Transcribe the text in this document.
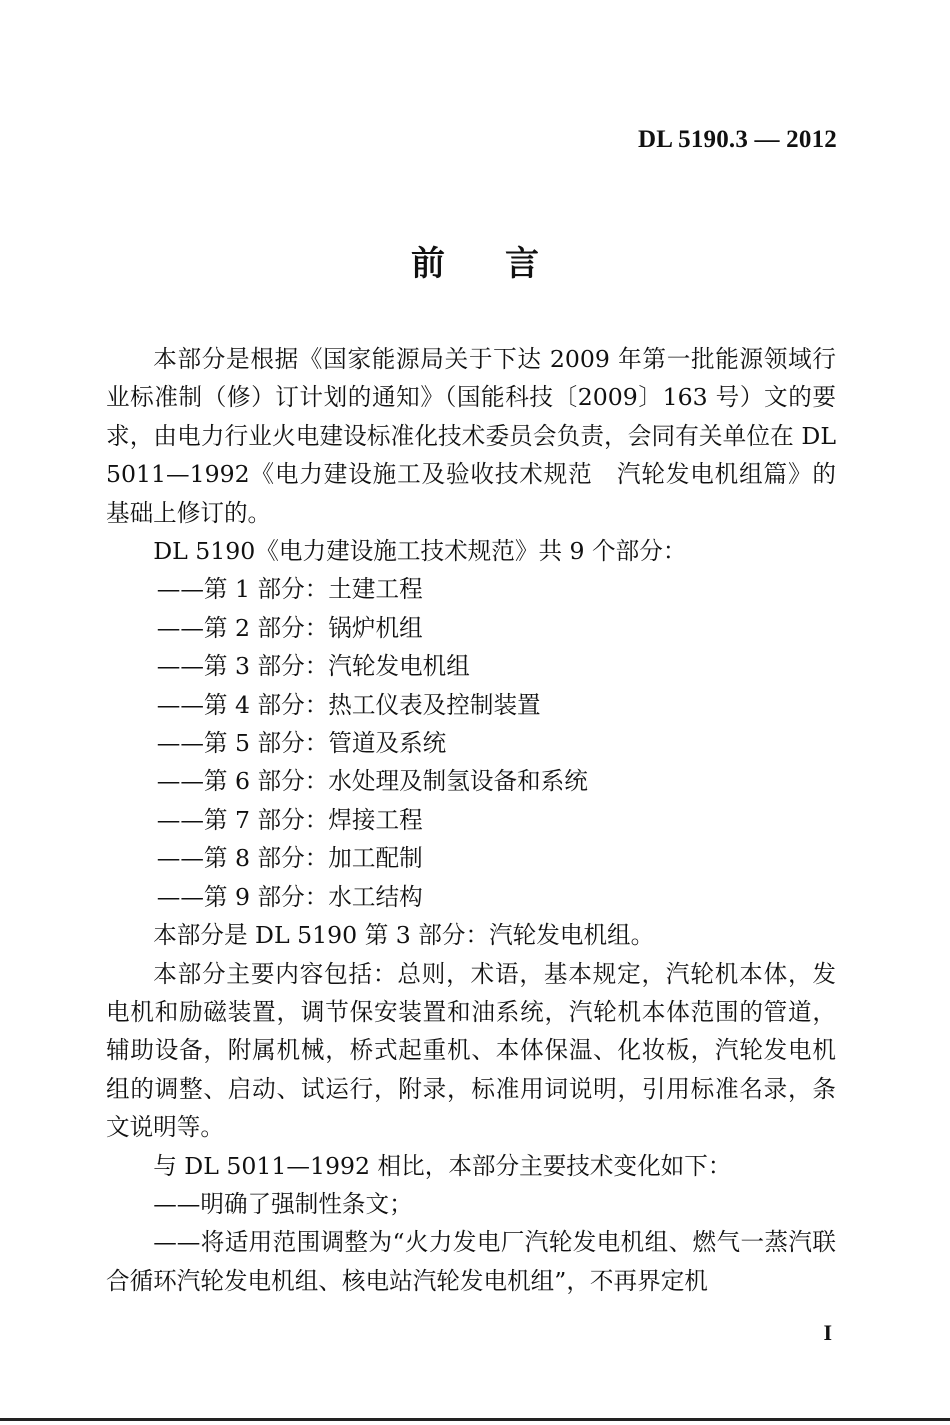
DL 5190.3 — 2012
前言

本部分是根据《国家能源局关于下达 2009 年第一批能源领域行业标准制（修）订计划的通知》（国能科技〔2009〕163 号）文的要求，由电力行业火电建设标准化技术委员会负责，会同有关单位在 DL 5011—1992《电力建设施工及验收技术规范　汽轮发电机组篇》的基础上修订的。

DL 5190《电力建设施工技术规范》共 9 个部分：

——第 1 部分：土建工程

——第 2 部分：锅炉机组

——第 3 部分：汽轮发电机组

——第 4 部分：热工仪表及控制装置

——第 5 部分：管道及系统

——第 6 部分：水处理及制氢设备和系统

——第 7 部分：焊接工程

——第 8 部分：加工配制

——第 9 部分：水工结构

本部分是 DL 5190 第 3 部分：汽轮发电机组。

本部分主要内容包括：总则，术语，基本规定，汽轮机本体，发电机和励磁装置，调节保安装置和油系统，汽轮机本体范围的管道，辅助设备，附属机械，桥式起重机、本体保温、化妆板，汽轮发电机组的调整、启动、试运行，附录，标准用词说明，引用标准名录，条文说明等。

与 DL 5011—1992 相比，本部分主要技术变化如下：

——明确了强制性条文；

——将适用范围调整为“火力发电厂汽轮发电机组、燃气一蒸汽联合循环汽轮发电机组、核电站汽轮发电机组”，不再界定机

I
